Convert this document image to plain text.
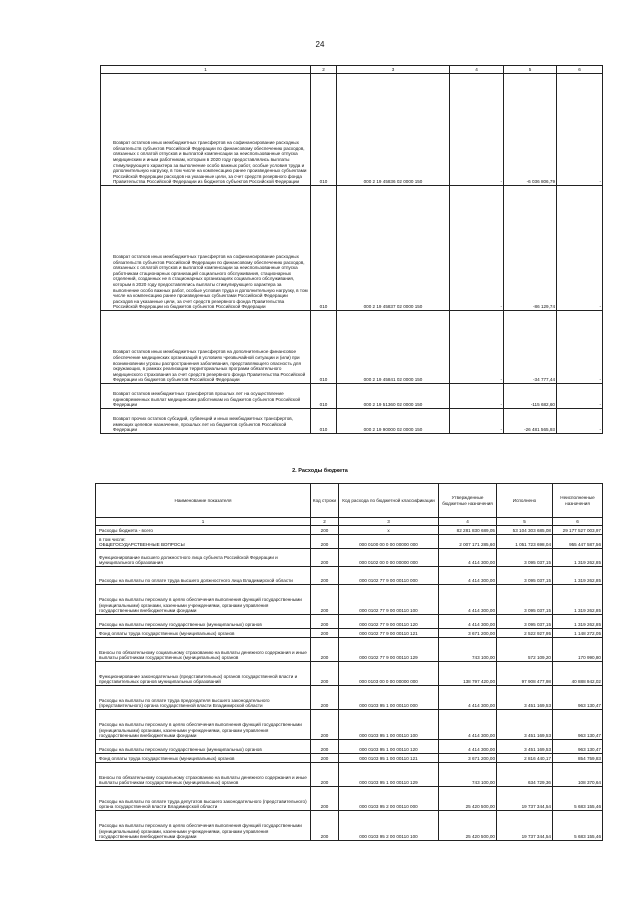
24
1	2	3	4	5	6
Возврат остатков иных межбюджетных трансфертов на софинансирование расходных обязательств субъектов Российской Федерации по финансовому обеспечению расходов, связанных с оплатой отпусков и выплатой компенсации за неиспользованные отпуска медицинским и иным работникам, которым в 2020 году предоставлялись выплаты стимулирующего характера за выполнение особо важных работ, особые условия труда и дополнительную нагрузку, в том числе на компенсацию ранее произведенных субъектами Российской Федерации расходов на указанные цели, за счет средств резервного фонда Правительства Российской Федерации из бюджетов субъектов Российской Федерации	010	000 2 19 45836 02 0000 150	-	-6 036 806,79	-
Возврат остатков иных межбюджетных трансфертов на софинансирование расходных обязательств субъектов Российской Федерации по финансовому обеспечению расходов, связанных с оплатой отпусков и выплатой компенсации за неиспользованные отпуска работникам стационарных организаций социального обслуживания, стационарных отделений, созданных не в стационарных организациях социального обслуживания, которым в 2020 году предоставлялись выплаты стимулирующего характера за выполнение особо важных работ, особые условия труда и дополнительную нагрузку, в том числе на компенсацию ранее произведенных субъектами Российской Федерации расходов на указанные цели, за счет средств резервного фонда Правительства Российской Федерации из бюджетов субъектов Российской Федерации	010	000 2 19 45837 02 0000 150	-	-86 129,74	-
Возврат остатков иных межбюджетных трансфертов на дополнительное финансовое обеспечение медицинских организаций в условиях чрезвычайной ситуации и (или) при возникновении угрозы распространения заболевания, представляющего опасность для окружающих, в рамках реализации территориальных программ обязательного медицинского страхования за счет средств резервного фонда Правительства Российской Федерации из бюджетов субъектов Российской Федерации	010	000 2 19 45841 02 0000 150	-	-34 777,44	-
Возврат остатков межбюджетных трансфертов прошлых лет на осуществление единовременных выплат медицинским работникам из бюджетов субъектов Российской Федерации	010	000 2 19 51360 02 0000 150	-	-115 682,60	-
Возврат прочих остатков субсидий, субвенций и иных межбюджетных трансфертов, имеющих целевое назначение, прошлых лет из бюджетов субъектов Российской Федерации	010	000 2 19 90000 02 0000 150	-	-26 481 565,93	-
2. Расходы бюджета
Наименование показателя	Код строки	Код расхода по бюджетной классификации	Утвержденные бюджетные назначения	Исполнено	Неисполненные назначения
1	2	3	4	5	6
Расходы бюджета - всего	200	x	82 281 830 689,05	53 104 303 685,08	29 177 527 003,97
в том числе:
ОБЩЕГОСУДАРСТВЕННЫЕ ВОПРОСЫ	200	000 0100 00 0 00 00000 000	2 007 171 285,60	1 051 723 698,04	955 447 587,56
Функционирование высшего должностного лица субъекта Российской Федерации и муниципального образования	200	000 0102 00 0 00 00000 000	4 414 300,00	3 095 037,15	1 319 262,85
Расходы на выплаты по оплате труда высшего должностного лица Владимирской области	200	000 0102 77 9 00 00110 000	4 414 300,00	3 095 037,15	1 319 262,85
Расходы на выплаты персоналу в целях обеспечения выполнения функций государственными (муниципальными) органами, казенными учреждениями, органами управления государственными внебюджетными фондами	200	000 0102 77 9 00 00110 100	4 414 300,00	3 095 037,15	1 319 262,85
Расходы на выплаты персоналу государственных (муниципальных) органов	200	000 0102 77 9 00 00110 120	4 414 300,00	3 095 037,15	1 319 262,85
Фонд оплаты труда государственных (муниципальных) органов	200	000 0102 77 9 00 00110 121	3 671 200,00	2 522 927,95	1 148 272,05
Взносы по обязательному социальному страхованию на выплаты денежного содержания и иные выплаты работникам государственных (муниципальных) органов	200	000 0102 77 9 00 00110 129	743 100,00	572 109,20	170 990,80
Функционирование законодательных (представительных) органов государственной власти и представительных органов муниципальных образований	200	000 0103 00 0 00 00000 000	138 797 420,00	97 908 477,98	40 888 942,02
Расходы на выплаты по оплате труда председателя высшего законодательного (представительного) органа государственной власти Владимирской области	200	000 0103 95 1 00 00110 000	4 414 300,00	3 451 169,53	963 130,47
Расходы на выплаты персоналу в целях обеспечения выполнения функций государственными (муниципальными) органами, казенными учреждениями, органами управления государственными внебюджетными фондами	200	000 0103 95 1 00 00110 100	4 414 300,00	3 451 169,53	963 130,47
Расходы на выплаты персоналу государственных (муниципальных) органов	200	000 0103 95 1 00 00110 120	4 414 300,00	3 451 169,53	963 130,47
Фонд оплаты труда государственных (муниципальных) органов	200	000 0103 95 1 00 00110 121	3 671 200,00	2 816 440,17	854 759,83
Взносы по обязательному социальному страхованию на выплаты денежного содержания и иные выплаты работникам государственных (муниципальных) органов	200	000 0103 95 1 00 00110 129	743 100,00	634 729,36	108 370,64
Расходы на выплаты по оплате труда депутатов высшего законодательного (представительного) органа государственной власти Владимирской области	200	000 0103 95 2 00 00110 000	25 420 500,00	19 737 344,54	5 683 155,46
Расходы на выплаты персоналу в целях обеспечения выполнения функций государственными (муниципальными) органами, казенными учреждениями, органами управления государственными внебюджетными фондами	200	000 0103 95 2 00 00110 100	25 420 500,00	19 737 344,54	5 683 155,46
